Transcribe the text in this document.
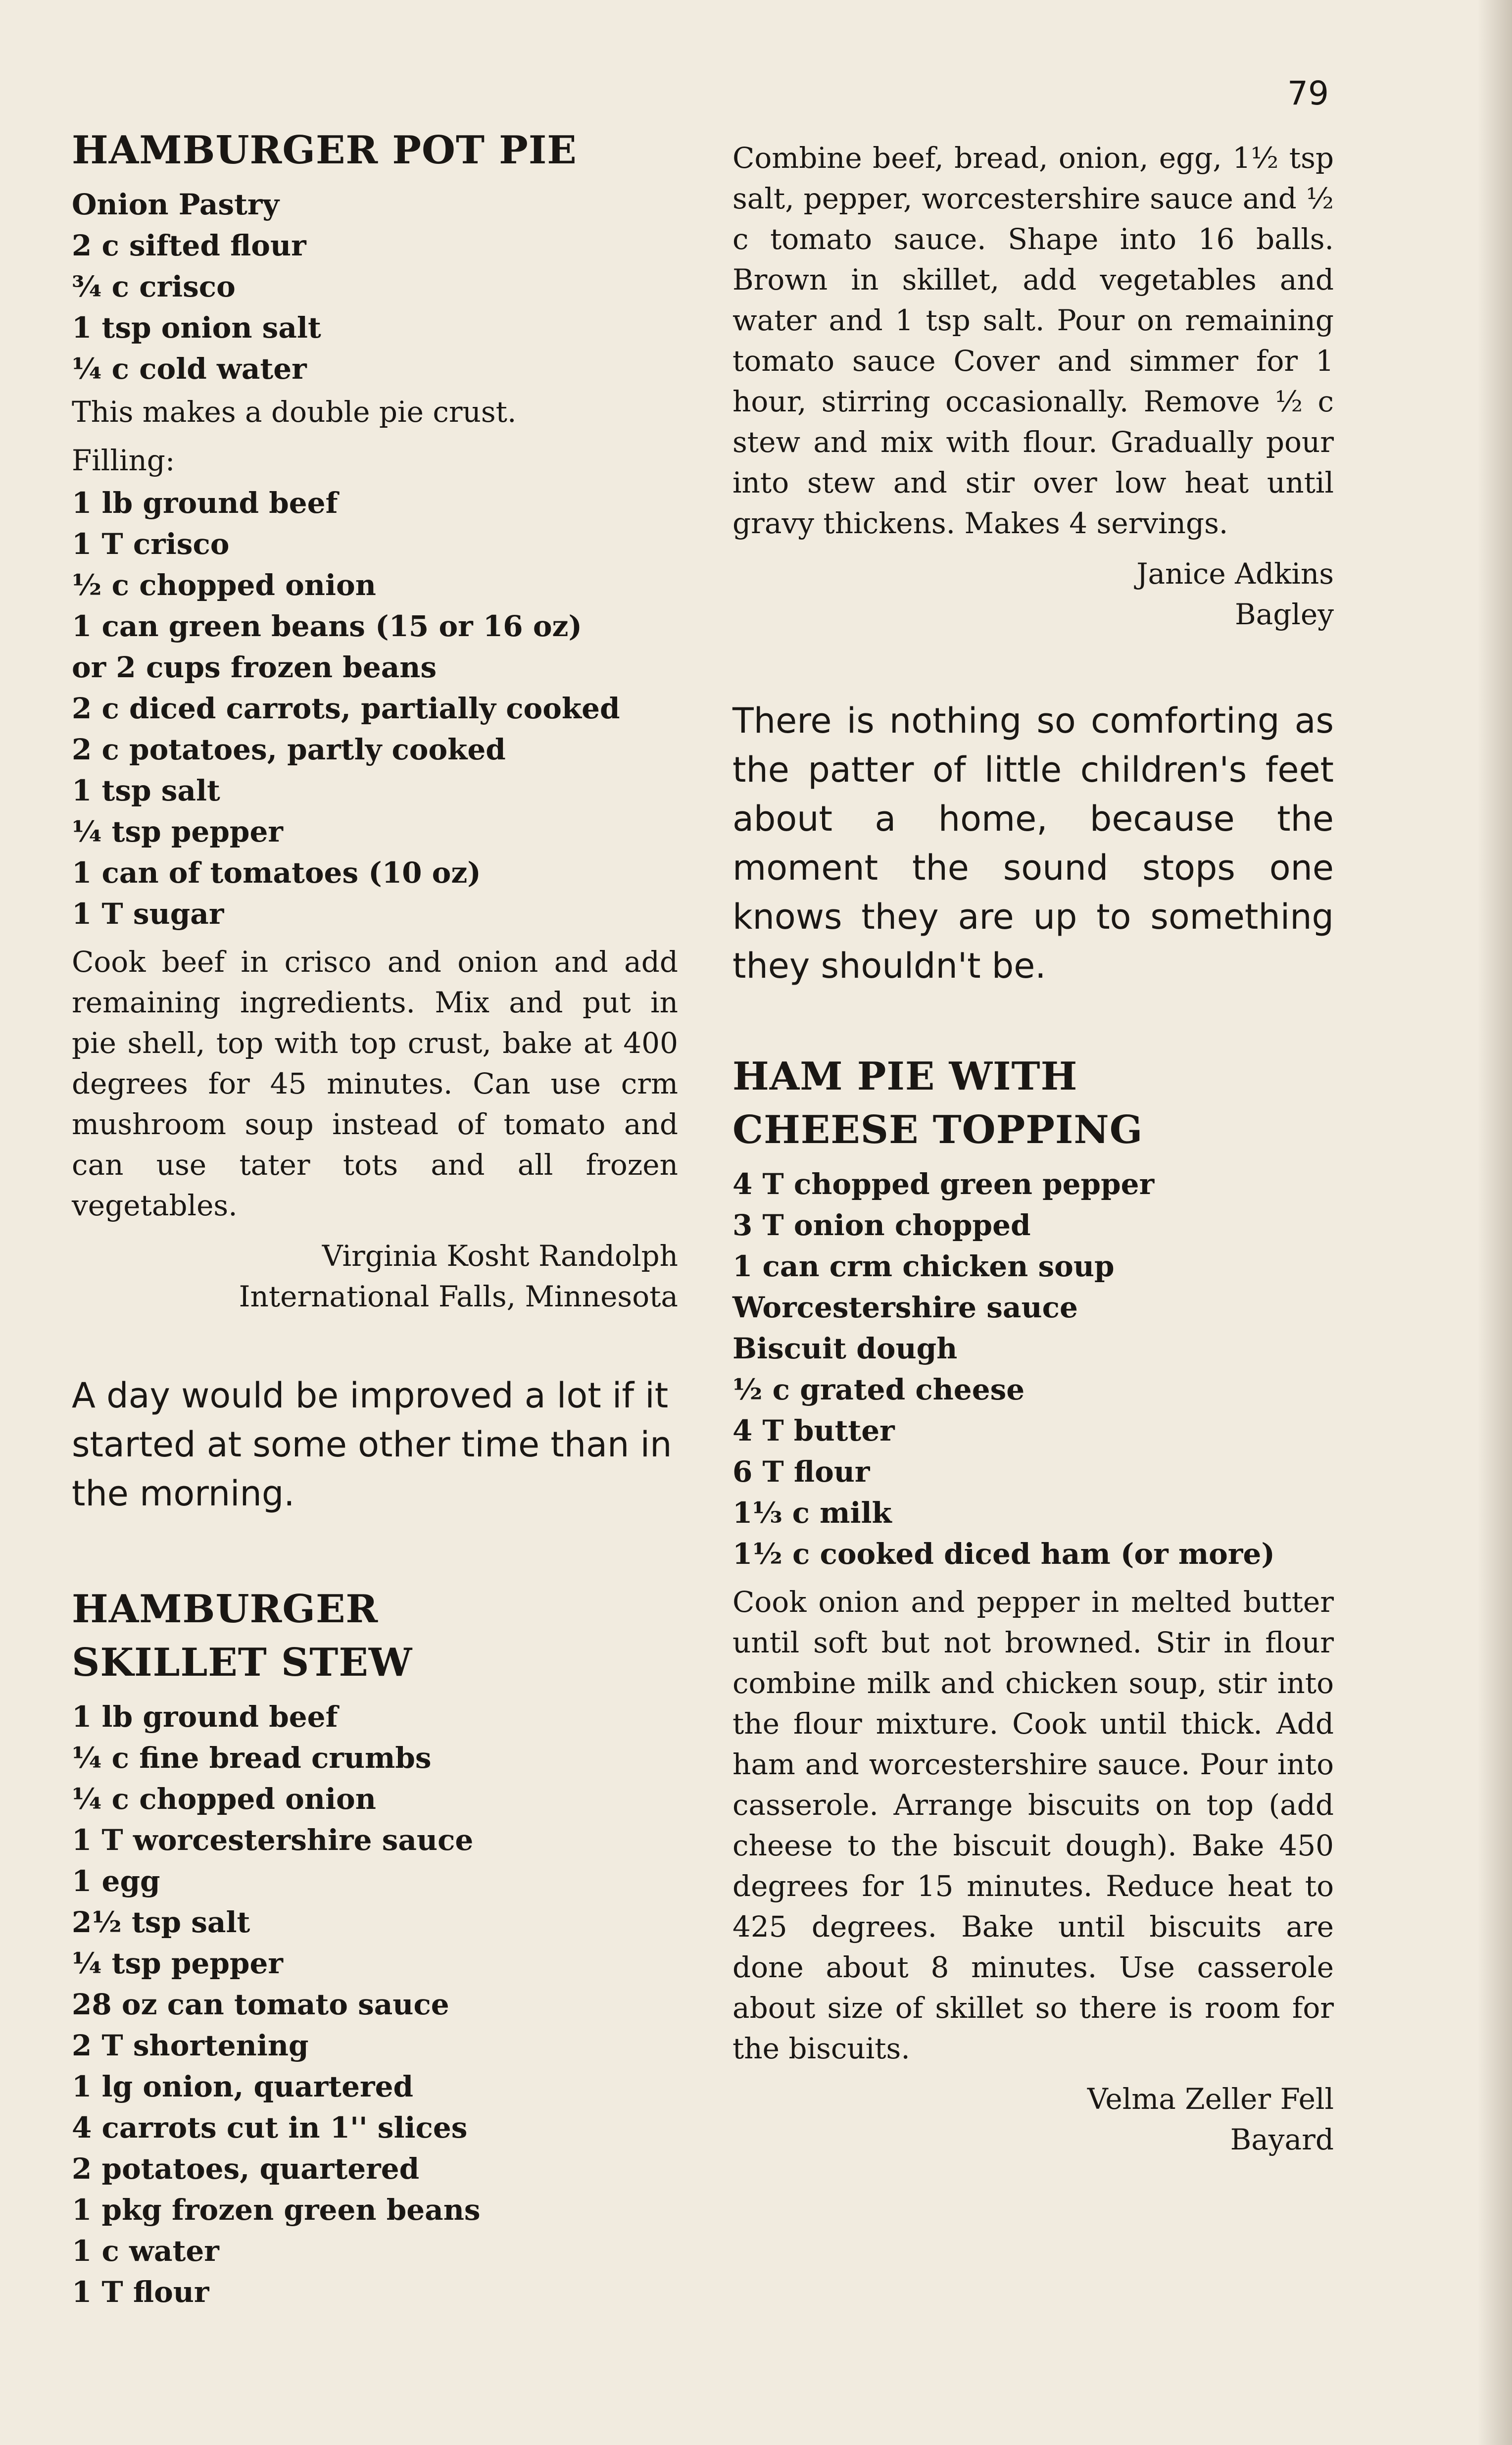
79

HAMBURGER POT PIE
Onion Pastry
2 c sifted flour
¾ c crisco
1 tsp onion salt
¼ c cold water

This makes a double pie crust.

Filling:

1 lb ground beef
1 T crisco
½ c chopped onion
1 can green beans (15 or 16 oz)
or 2 cups frozen beans
2 c diced carrots, partially cooked
2 c potatoes, partly cooked
1 tsp salt
¼ tsp pepper
1 can of tomatoes (10 oz)
1 T sugar

Cook beef in crisco and onion and add remaining ingredients. Mix and put in pie shell, top with top crust, bake at 400 degrees for 45 minutes. Can use crm mushroom soup instead of tomato and can use tater tots and all frozen vegetables.

Virginia Kosht Randolph
International Falls, Minnesota

A day would be improved a lot if it started at some other time than in the morning.

HAMBURGER
SKILLET STEW
1 lb ground beef
¼ c fine bread crumbs
¼ c chopped onion
1 T worcestershire sauce
1 egg
2½ tsp salt
¼ tsp pepper
28 oz can tomato sauce
2 T shortening
1 lg onion, quartered
4 carrots cut in 1'' slices
2 potatoes, quartered
1 pkg frozen green beans
1 c water
1 T flour

Combine beef, bread, onion, egg, 1½ tsp salt, pepper, worcestershire sauce and ½ c tomato sauce. Shape into 16 balls. Brown in skillet, add vegetables and water and 1 tsp salt. Pour on remaining tomato sauce Cover and simmer for 1 hour, stirring occasionally. Remove ½ c stew and mix with flour. Gradually pour into stew and stir over low heat until gravy thickens. Makes 4 servings.

Janice Adkins
Bagley

There is nothing so comforting as the patter of little children's feet about a home, because the moment the sound stops one knows they are up to something they shouldn't be.

HAM PIE WITH
CHEESE TOPPING
4 T chopped green pepper
3 T onion chopped
1 can crm chicken soup
Worcestershire sauce
Biscuit dough
½ c grated cheese
4 T butter
6 T flour
1⅓ c milk
1½ c cooked diced ham (or more)

Cook onion and pepper in melted butter until soft but not browned. Stir in flour combine milk and chicken soup, stir into the flour mixture. Cook until thick. Add ham and worcestershire sauce. Pour into casserole. Arrange biscuits on top (add cheese to the biscuit dough). Bake 450 degrees for 15 minutes. Reduce heat to 425 degrees. Bake until biscuits are done about 8 minutes. Use casserole about size of skillet so there is room for the biscuits.

Velma Zeller Fell
Bayard
